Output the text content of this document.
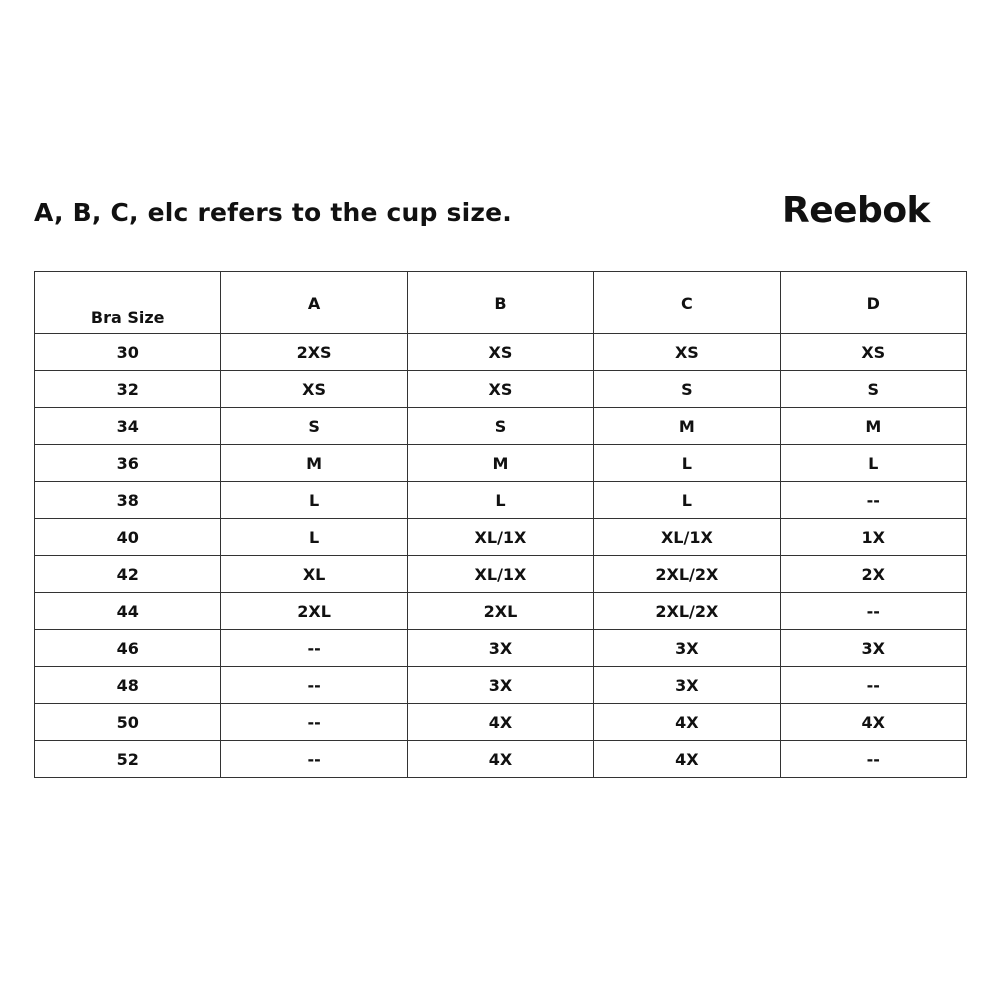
A, B, C, elc refers to the cup size.	Reebok
Bra Size	A	B	C	D
30	2XS	XS	XS	XS
32	XS	XS	S	S
34	S	S	M	M
36	M	M	L	L
38	L	L	L	--
40	L	XL/1X	XL/1X	1X
42	XL	XL/1X	2XL/2X	2X
44	2XL	2XL	2XL/2X	--
46	--	3X	3X	3X
48	--	3X	3X	--
50	--	4X	4X	4X
52	--	4X	4X	--
